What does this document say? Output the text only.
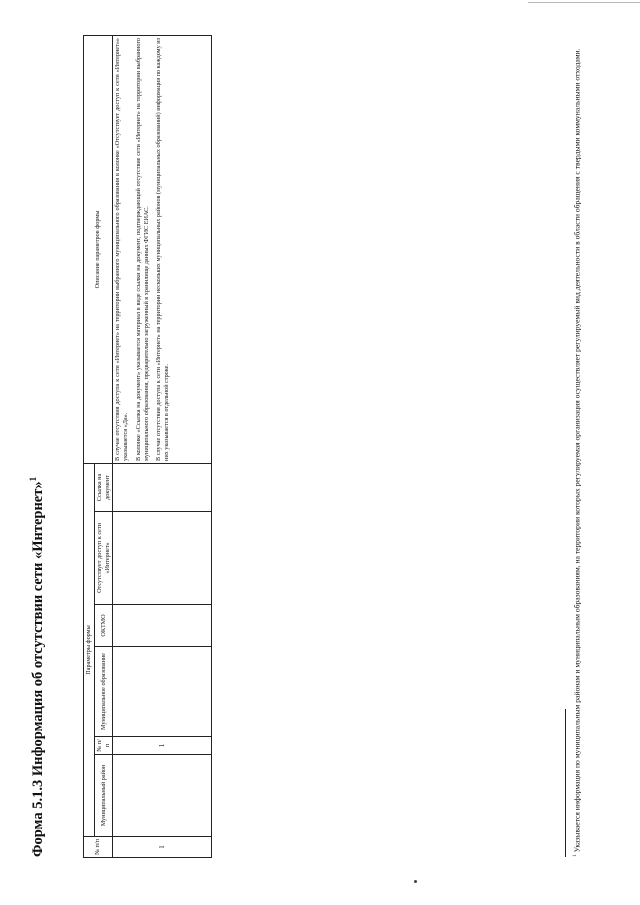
Форма 5.1.3 Информация об отсутствии сети «Интернет»$^1$
№ п/п	Параметры формы						Описание параметров формы

	Муниципальный район	№ п/п	Муниципальное образование	ОКТМО	Отсутствует доступ к сети «Интернет»	Ссылка на документ	

1		1					В случае отсутствия доступа к сети «Интернет» на территории выбранного муниципального образования в колонке «Отсутствует доступ к сети «Интернет»» указывается «Да». В колонке «Ссылка на документ» указывается материал в виде ссылки на документ, подтверждающий отсутствие сети «Интернет» на территории выбранного муниципального образования, предварительно загруженный в хранилище данных ФГИС ЕИАС. В случае отсутствия доступа к сети «Интернет» на территории нескольких муниципальных районов (муниципальных образований) информация по каждому из них указывается в отдельной строке.

$^1$ Указывается информация по муниципальным районам и муниципальным образованиям, на территории которых регулируемая организация осуществляет регулируемый вид деятельности в области обращения с твердыми коммунальными отходами.
